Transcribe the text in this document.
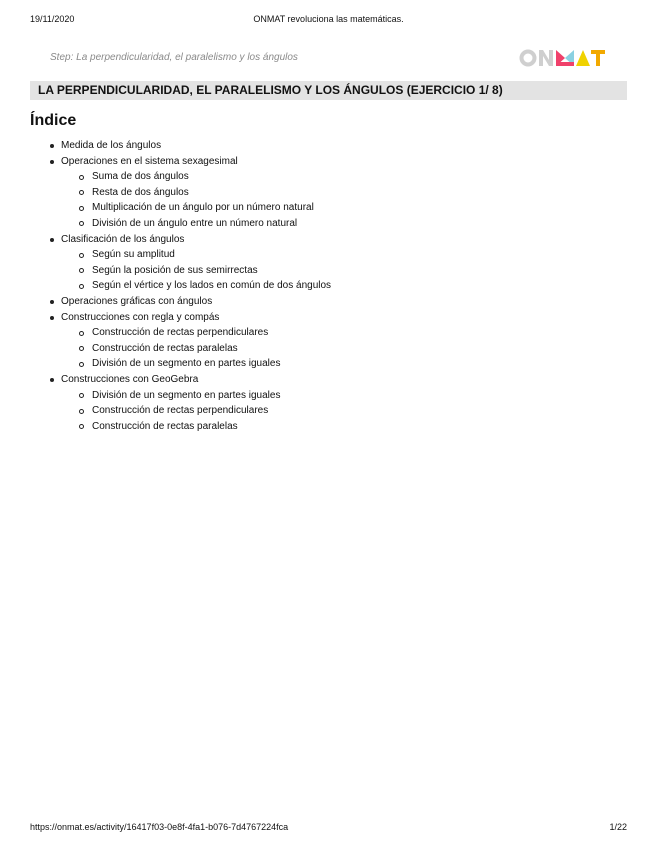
19/11/2020	ONMAT revoluciona las matemáticas.
Step: La perpendicularidad, el paralelismo y los ángulos
LA PERPENDICULARIDAD, EL PARALELISMO Y LOS ÁNGULOS (EJERCICIO 1/ 8)
Índice
Medida de los ángulos
Operaciones en el sistema sexagesimal
Suma de dos ángulos
Resta de dos ángulos
Multiplicación de un ángulo por un número natural
División de un ángulo entre un número natural
Clasificación de los ángulos
Según su amplitud
Según la posición de sus semirrectas
Según el vértice y los lados en común de dos ángulos
Operaciones gráficas con ángulos
Construcciones con regla y compás
Construcción de rectas perpendiculares
Construcción de rectas paralelas
División de un segmento en partes iguales
Construcciones con GeoGebra
División de un segmento en partes iguales
Construcción de rectas perpendiculares
Construcción de rectas paralelas
https://onmat.es/activity/16417f03-0e8f-4fa1-b076-7d4767224fca	1/22
